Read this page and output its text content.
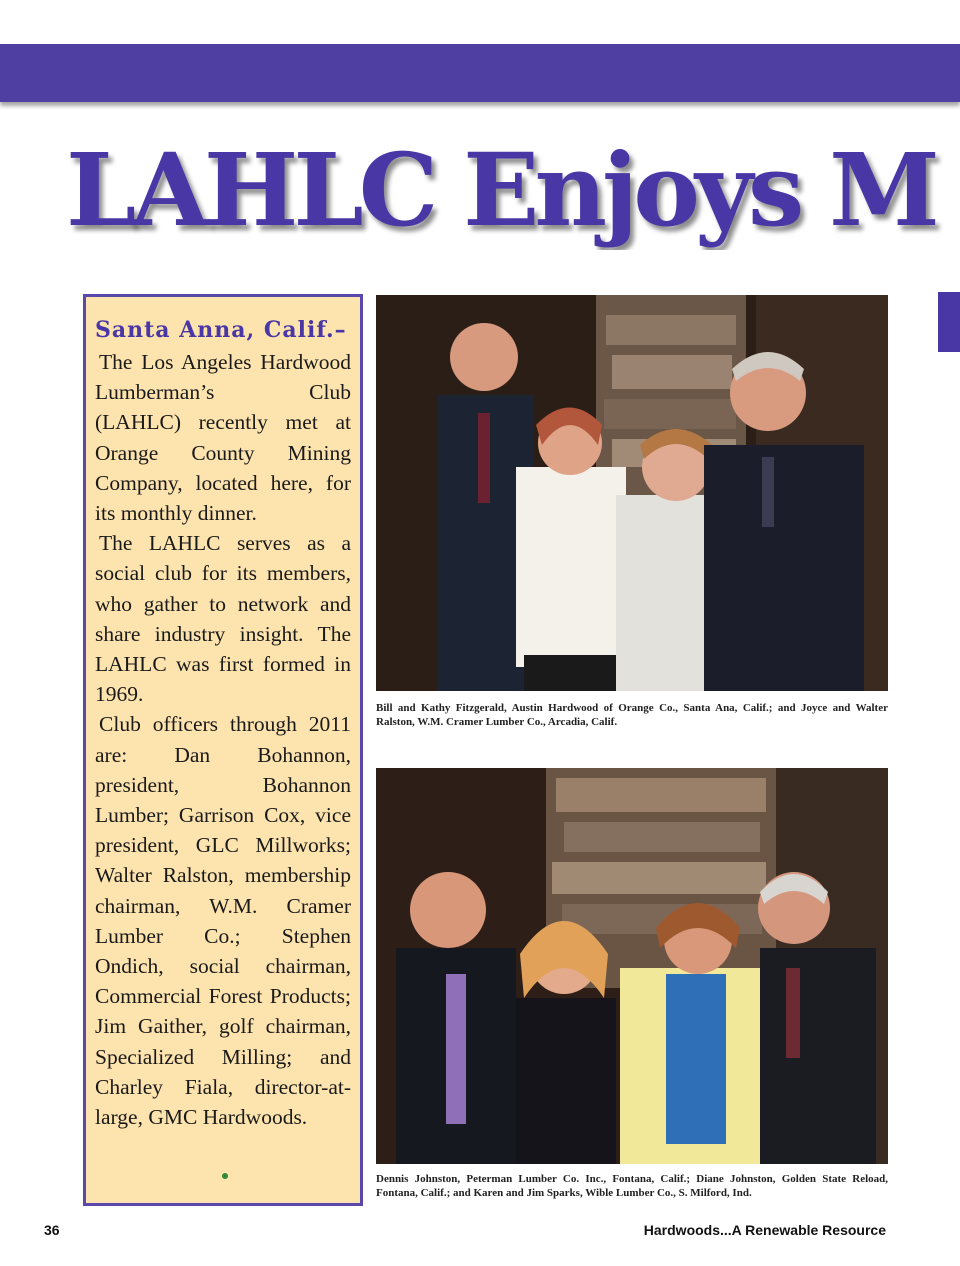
LAHLC Enjoys M
Santa Anna, Calif.–

The Los Angeles Hardwood Lumberman’s Club (LAHLC) recently met at Orange County Mining Company, located here, for its monthly dinner.

The LAHLC serves as a social club for its members, who gather to network and share industry insight. The LAHLC was first formed in 1969.

Club officers through 2011 are: Dan Bohannon, president, Bohannon Lumber; Garrison Cox, vice president, GLC Millworks; Walter Ralston, membership chairman, W.M. Cramer Lumber Co.; Stephen Ondich, social chairman, Commercial Forest Products; Jim Gaither, golf chairman, Specialized Milling; and Charley Fiala, director-at-large, GMC Hardwoods.

Bill and Kathy Fitzgerald, Austin Hardwood of Orange Co., Santa Ana, Calif.; and Joyce and Walter Ralston, W.M. Cramer Lumber Co., Arcadia, Calif.
Dennis Johnston, Peterman Lumber Co. Inc., Fontana, Calif.; Diane Johnston, Golden State Reload, Fontana, Calif.; and Karen and Jim Sparks, Wible Lumber Co., S. Milford, Ind.
36	Hardwoods...A Renewable Resource
